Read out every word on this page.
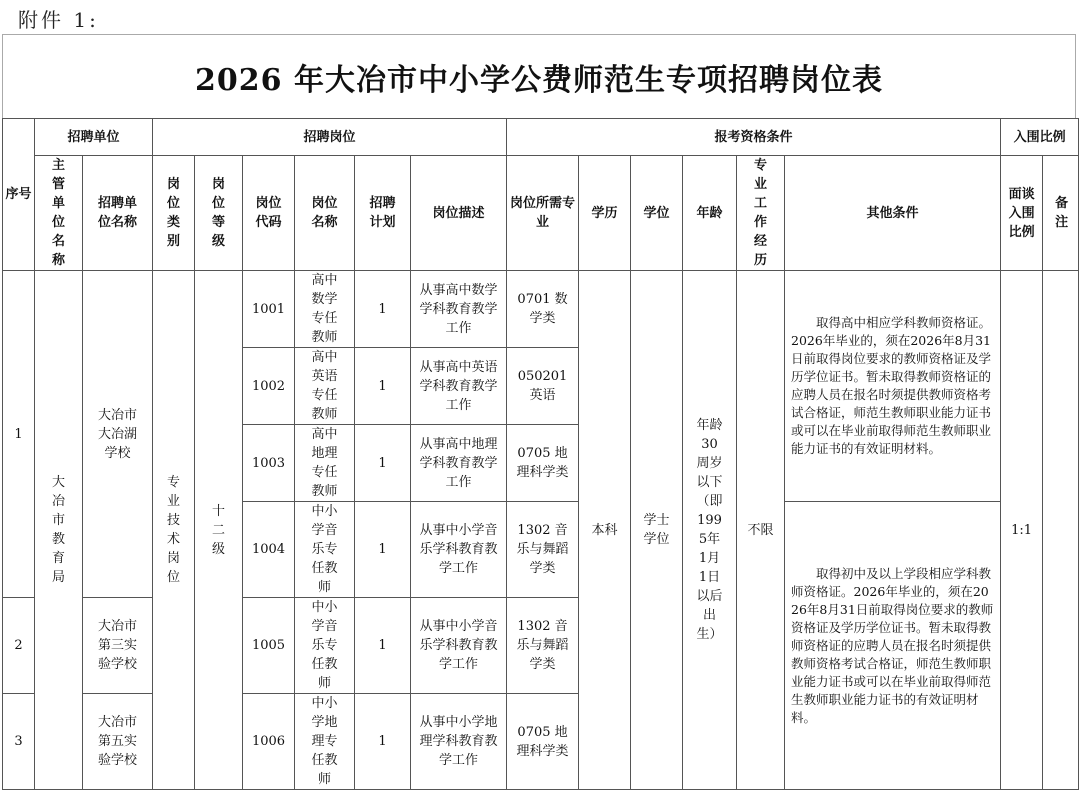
附件 1:
2026 年大冶市中小学公费师范生专项招聘岗位表
序号	招聘单位		招聘岗位						报考资格条件						入围比例	
	主管单位名称	招聘单位名称	岗位类别	岗位等级	岗位代码	岗位名称	招聘计划	岗位描述	岗位所需专业	学历	学位	年龄	专业工作经历	其他条件	面谈入围比例	备注
1	大冶市教育局	大冶市大冶湖学校	专业技术岗位	十二级	1001	高中数学专任教师	1	从事高中数学学科教育教学工作	0701 数学类	本科	学士学位	年龄30周岁以下（即1995年1月1日以后出生）	不限	取得高中相应学科教师资格证。2026年毕业的，须在2026年8月31日前取得岗位要求的教师资格证及学历学位证书。暂未取得教师资格证的应聘人员在报名时须提供教师资格考试合格证，师范生教师职业能力证书或可以在毕业前取得师范生教师职业能力证书的有效证明材料。	1:1	
					1002	高中英语专任教师	1	从事高中英语学科教育教学工作	050201 英语							
					1003	高中地理专任教师	1	从事高中地理学科教育教学工作	0705 地理科学类							
					1004	中小学音乐专任教师	1	从事中小学音乐学科教育教学工作	1302 音乐与舞蹈学类					取得初中及以上学段相应学科教师资格证。2026年毕业的，须在2026年8月31日前取得岗位要求的教师资格证及学历学位证书。暂未取得教师资格证的应聘人员在报名时须提供教师资格考试合格证，师范生教师职业能力证书或可以在毕业前取得师范生教师职业能力证书的有效证明材料。		
2		大冶市第三实验学校			1005	中小学音乐专任教师	1	从事中小学音乐学科教育教学工作	1302 音乐与舞蹈学类							
3		大冶市第五实验学校			1006	中小学地理专任教师	1	从事中小学地理学科教育教学工作	0705 地理科学类							
